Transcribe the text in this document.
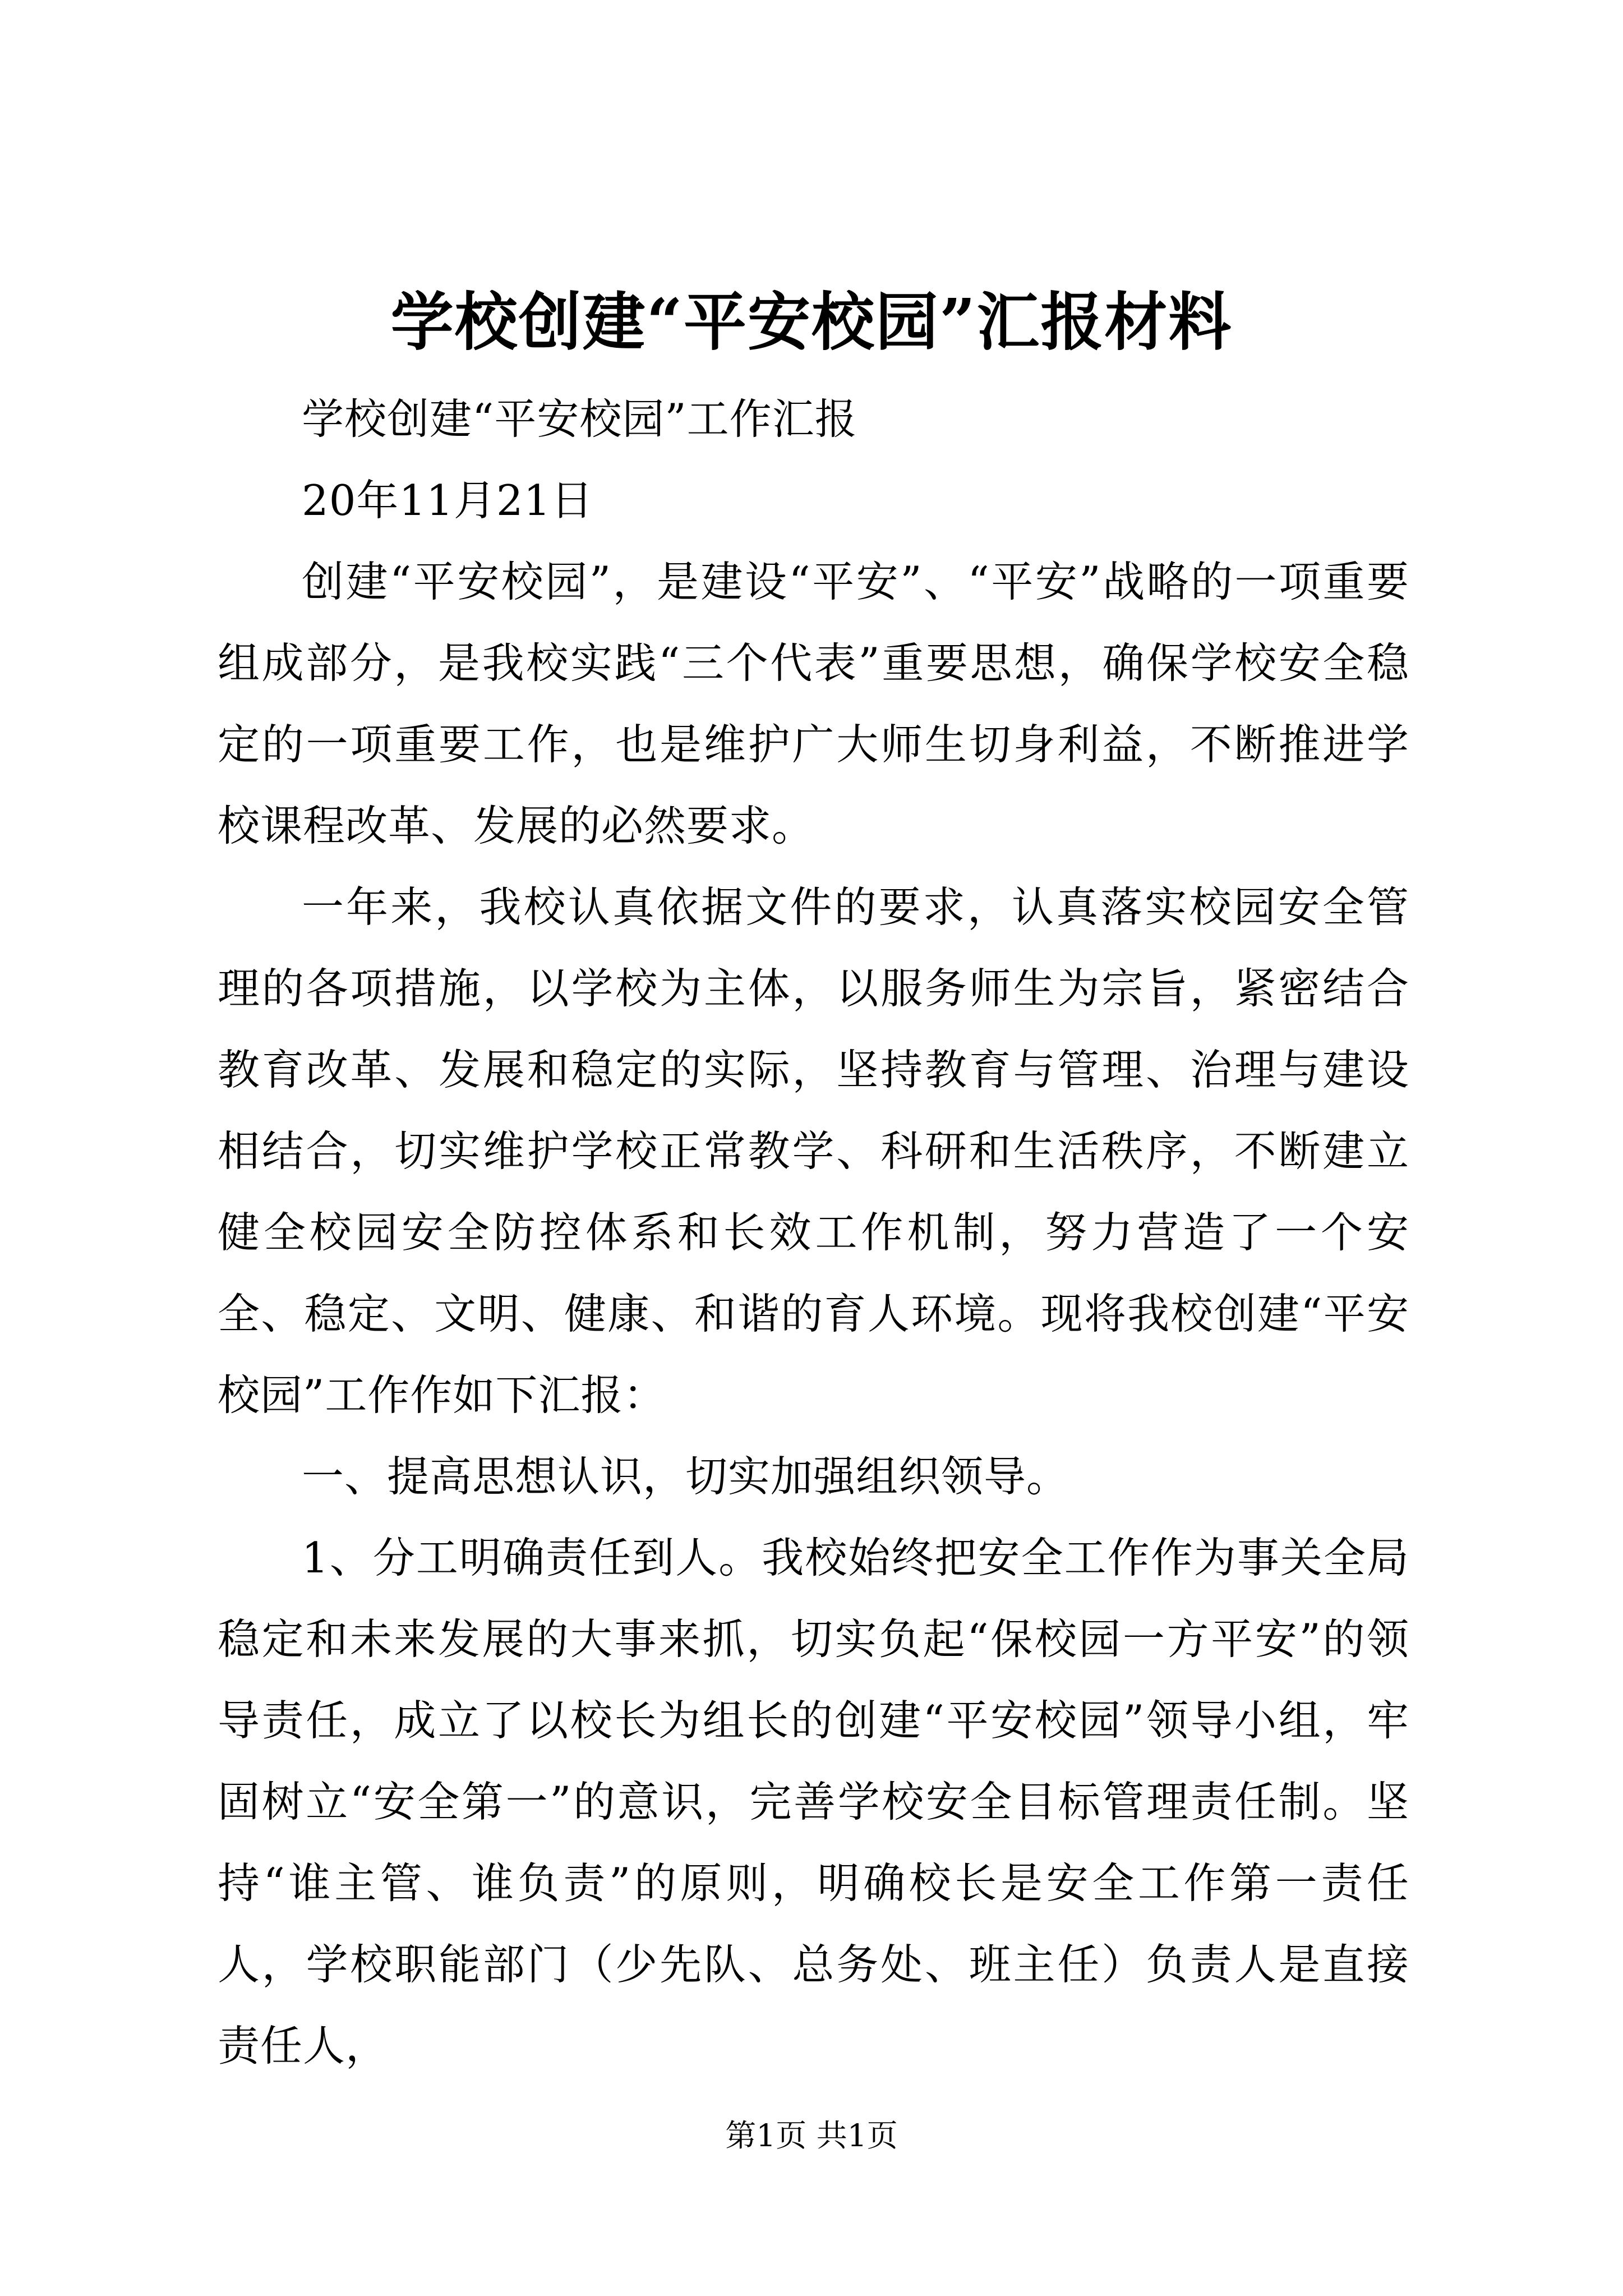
学校创建“平安校园”汇报材料

学校创建“平安校园”工作汇报

20年11月21日

创建“平安校园”，是建设“平安”、“平安”战略的一项重要组成部分，是我校实践“三个代表”重要思想，确保学校安全稳定的一项重要工作，也是维护广大师生切身利益，不断推进学校课程改革、发展的必然要求。

一年来，我校认真依据文件的要求，认真落实校园安全管理的各项措施，以学校为主体，以服务师生为宗旨，紧密结合教育改革、发展和稳定的实际，坚持教育与管理、治理与建设相结合，切实维护学校正常教学、科研和生活秩序，不断建立健全校园安全防控体系和长效工作机制，努力营造了一个安全、稳定、文明、健康、和谐的育人环境。现将我校创建“平安校园”工作作如下汇报：

一、提高思想认识，切实加强组织领导。

1、分工明确责任到人。我校始终把安全工作作为事关全局稳定和未来发展的大事来抓，切实负起“保校园一方平安”的领导责任，成立了以校长为组长的创建“平安校园”领导小组，牢固树立“安全第一”的意识，完善学校安全目标管理责任制。坚持“谁主管、谁负责”的原则，明确校长是安全工作第一责任人，学校职能部门（少先队、总务处、班主任）负责人是直接责任人，

第1页 共1页
